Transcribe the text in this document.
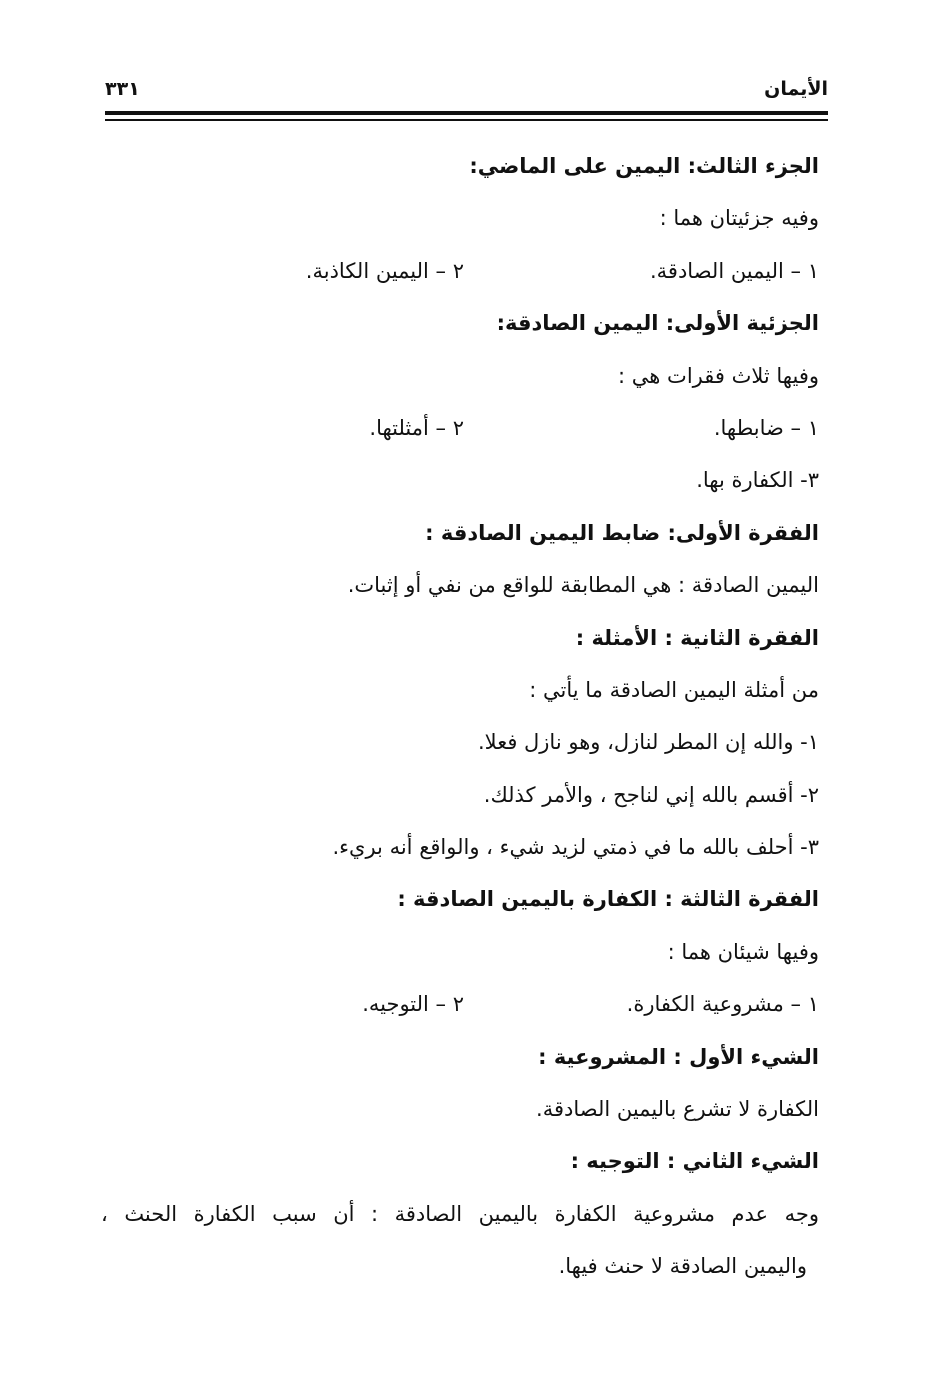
الأيمان
٣٣١
الجزء الثالث: اليمين على الماضي:
وفيه جزئيتان هما :
١ – اليمين الصادقة.
٢ – اليمين الكاذبة.
الجزئية الأولى: اليمين الصادقة:
وفيها ثلاث فقرات هي :
١ – ضابطها.
٢ – أمثلتها.
٣- الكفارة بها.
الفقرة الأولى: ضابط اليمين الصادقة :
اليمين الصادقة : هي المطابقة للواقع من نفي أو إثبات.
الفقرة الثانية : الأمثلة :
من أمثلة اليمين الصادقة ما يأتي :
١- والله إن المطر لنازل، وهو نازل فعلا.
٢- أقسم بالله إني لناجح ، والأمر كذلك.
٣- أحلف بالله ما في ذمتي لزيد شيء ، والواقع أنه بريء.
الفقرة الثالثة : الكفارة باليمين الصادقة :
وفيها شيئان هما :
١ – مشروعية الكفارة.
٢ – التوجيه.
الشيء الأول : المشروعية :
الكفارة لا تشرع باليمين الصادقة.
الشيء الثاني : التوجيه :
وجه عدم مشروعية الكفارة باليمين الصادقة : أن سبب الكفارة الحنث ،
واليمين الصادقة لا حنث فيها.
